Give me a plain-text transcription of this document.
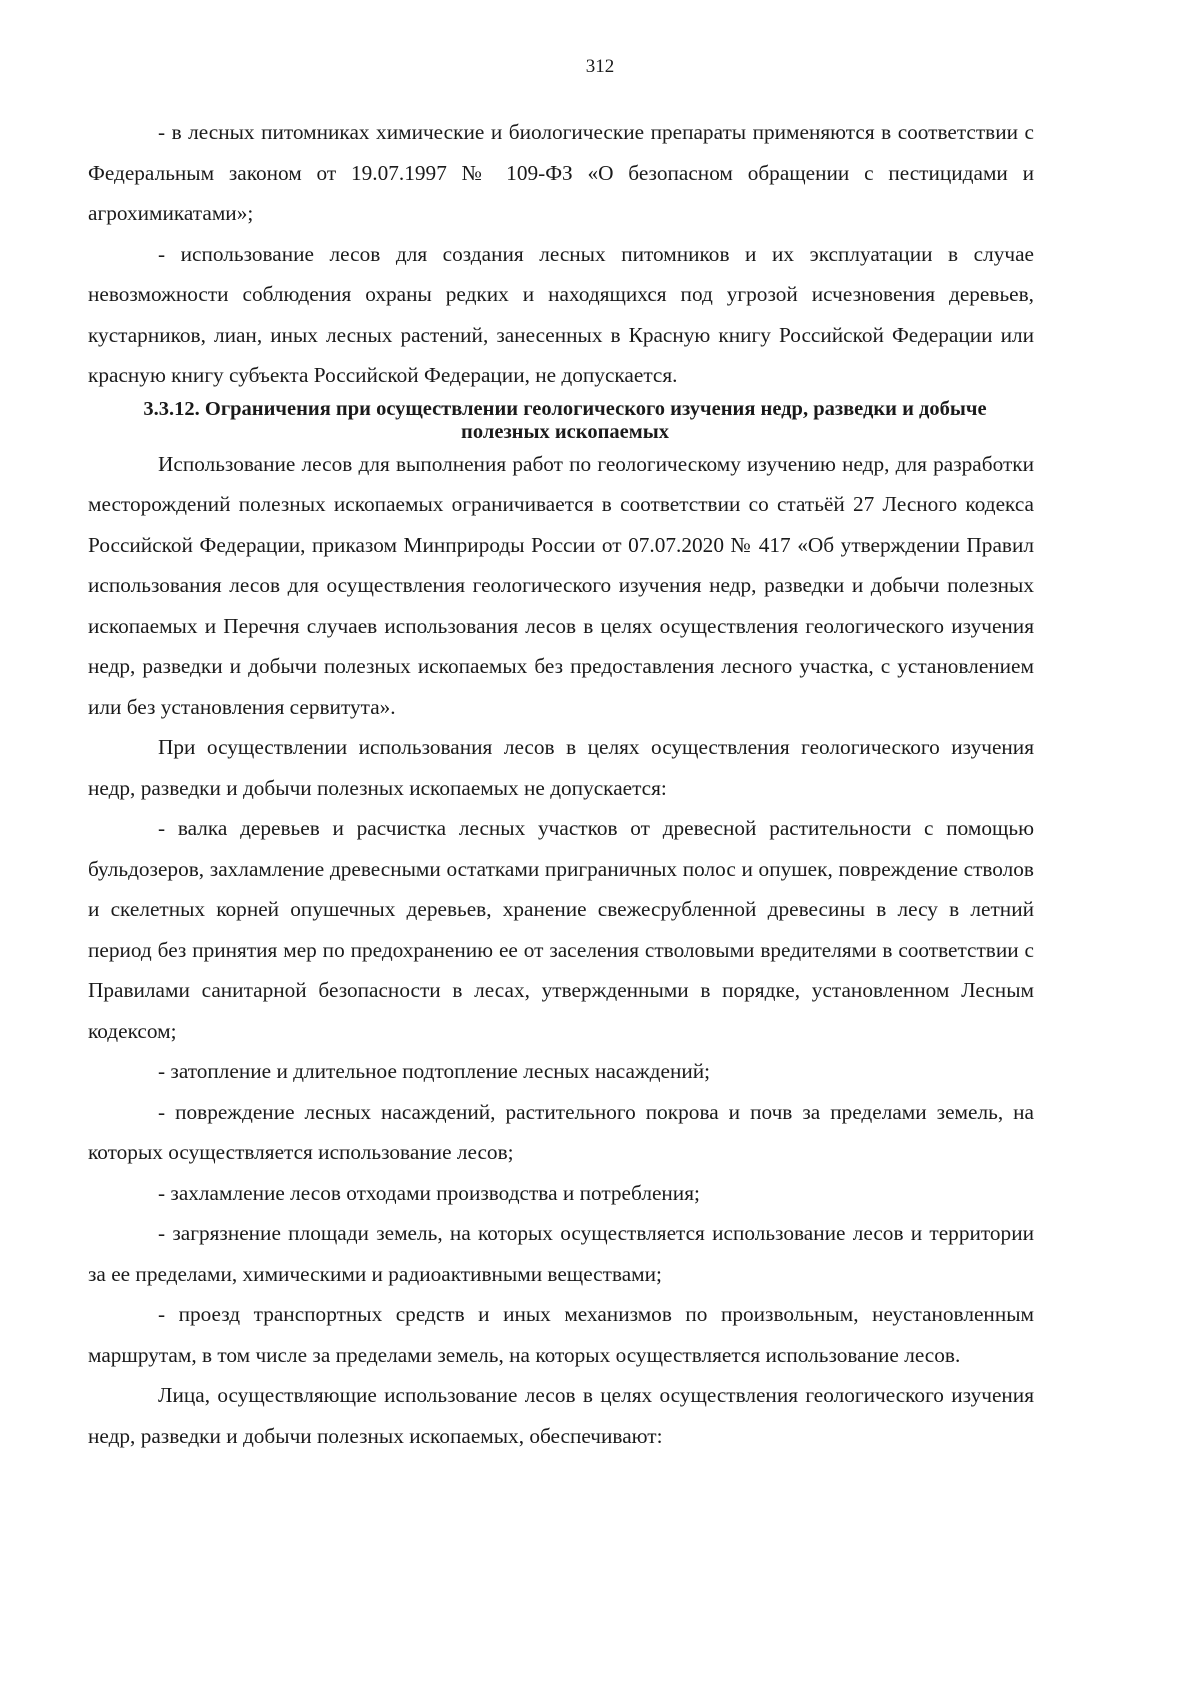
312

- в лесных питомниках химические и биологические препараты применяются в соответствии с Федеральным законом от 19.07.1997 № 109-ФЗ «О безопасном обращении с пестицидами и агрохимикатами»;

- использование лесов для создания лесных питомников и их эксплуатации в случае невозможности соблюдения охраны редких и находящихся под угрозой исчезновения деревьев, кустарников, лиан, иных лесных растений, занесенных в Красную книгу Российской Федерации или красную книгу субъекта Российской Федерации, не допускается.

3.3.12. Ограничения при осуществлении геологического изучения недр, разведки и добыче полезных ископаемых

Использование лесов для выполнения работ по геологическому изучению недр, для разработки месторождений полезных ископаемых ограничивается в соответствии со статьёй 27 Лесного кодекса Российской Федерации, приказом Минприроды России от 07.07.2020 № 417 «Об утверждении Правил использования лесов для осуществления геологического изучения недр, разведки и добычи полезных ископаемых и Перечня случаев использования лесов в целях осуществления геологического изучения недр, разведки и добычи полезных ископаемых без предоставления лесного участка, с установлением или без установления сервитута».

При осуществлении использования лесов в целях осуществления геологического изучения недр, разведки и добычи полезных ископаемых не допускается:

- валка деревьев и расчистка лесных участков от древесной растительности с помощью бульдозеров, захламление древесными остатками приграничных полос и опушек, повреждение стволов и скелетных корней опушечных деревьев, хранение свежесрубленной древесины в лесу в летний период без принятия мер по предохранению ее от заселения стволовыми вредителями в соответствии с Правилами санитарной безопасности в лесах, утвержденными в порядке, установленном Лесным кодексом;

- затопление и длительное подтопление лесных насаждений;

- повреждение лесных насаждений, растительного покрова и почв за пределами земель, на которых осуществляется использование лесов;

- захламление лесов отходами производства и потребления;

- загрязнение площади земель, на которых осуществляется использование лесов и территории за ее пределами, химическими и радиоактивными веществами;

- проезд транспортных средств и иных механизмов по произвольным, неустановленным маршрутам, в том числе за пределами земель, на которых осуществляется использование лесов.

Лица, осуществляющие использование лесов в целях осуществления геологического изучения недр, разведки и добычи полезных ископаемых, обеспечивают:
